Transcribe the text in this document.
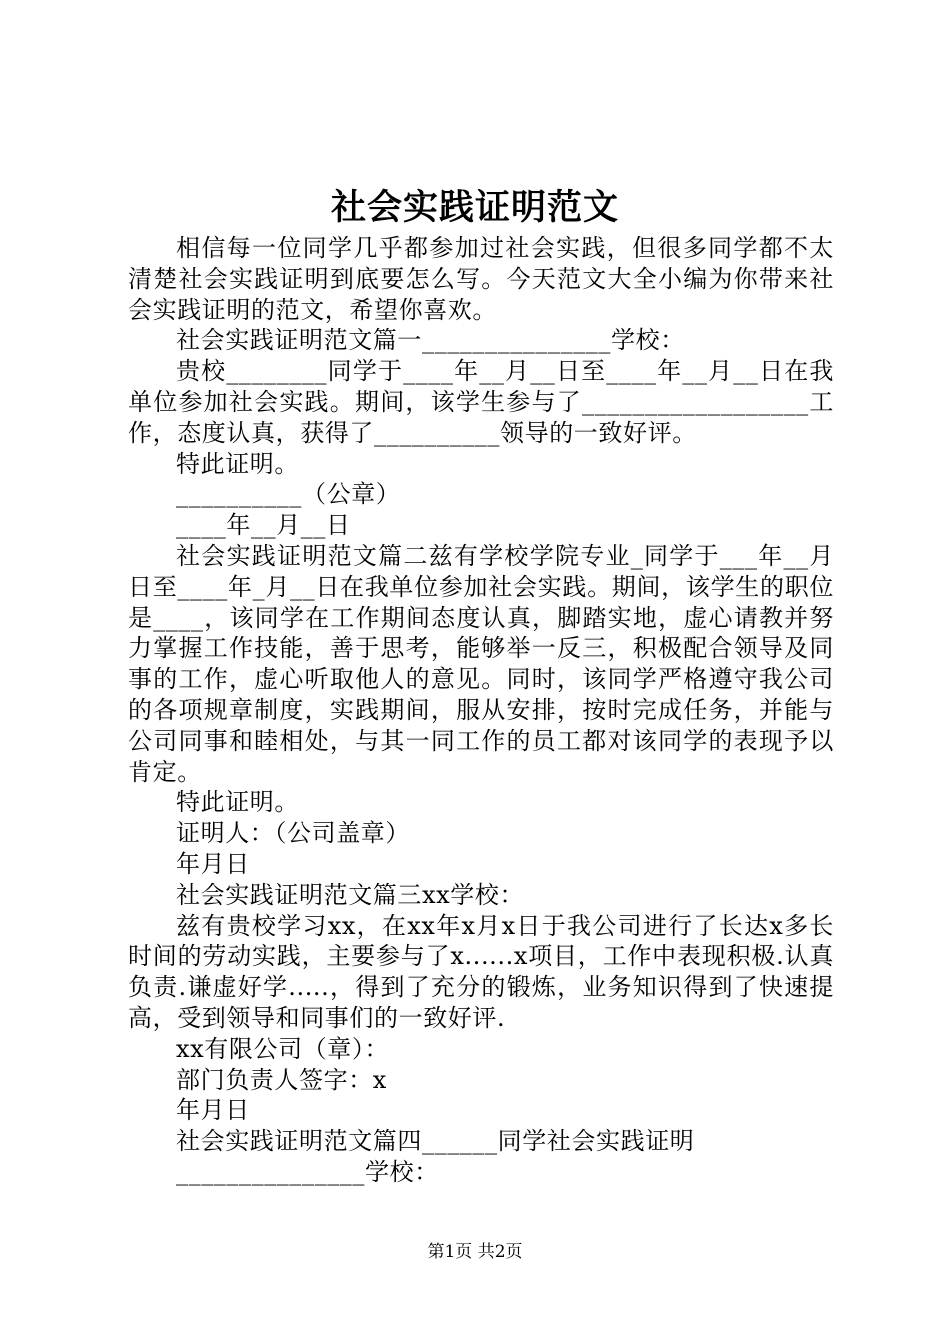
社会实践证明范文

相信每一位同学几乎都参加过社会实践，但很多同学都不太清楚社会实践证明到底要怎么写。今天范文大全小编为你带来社会实践证明的范文，希望你喜欢。

社会实践证明范文篇一_______________学校：

贵校________同学于____年__月__日至____年__月__日在我单位参加社会实践。期间，该学生参与了__________________工作，态度认真，获得了__________领导的一致好评。

特此证明。

__________（公章）

____年__月__日

社会实践证明范文篇二兹有学校学院专业_同学于___年__月日至____年_月__日在我单位参加社会实践。期间，该学生的职位是____，该同学在工作期间态度认真，脚踏实地，虚心请教并努力掌握工作技能，善于思考，能够举一反三，积极配合领导及同事的工作，虚心听取他人的意见。同时，该同学严格遵守我公司的各项规章制度，实践期间，服从安排，按时完成任务，并能与公司同事和睦相处，与其一同工作的员工都对该同学的表现予以肯定。

特此证明。

证明人：（公司盖章）

年月日

社会实践证明范文篇三xx学校：

兹有贵校学习xx，在xx年x月x日于我公司进行了长达x多长时间的劳动实践，主要参与了x......x项目，工作中表现积极.认真负责.谦虚好学.....，得到了充分的锻炼，业务知识得到了快速提高，受到领导和同事们的一致好评.

xx有限公司（章）：

部门负责人签字：x

年月日

社会实践证明范文篇四______同学社会实践证明

_______________学校：

第1页 共2页
